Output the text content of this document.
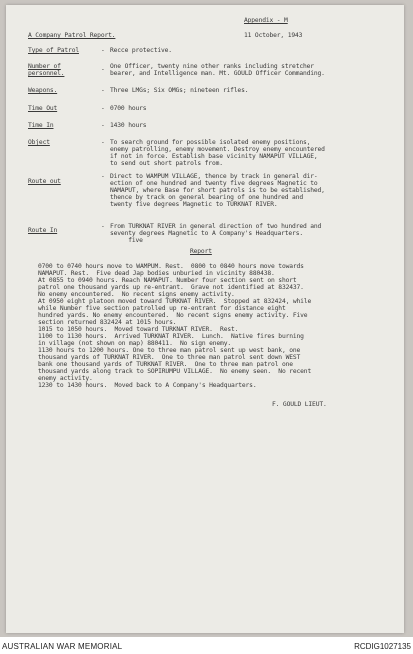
Appendix - M
11 October, 1943
A Company Patrol Report.
Type of Patrol	- Recce protective.
Number of
personnel.
- One Officer, twenty nine other ranks including stretcher
bearer, and Intelligence man. Mt. GOULD Officer Commanding.
Weapons.	- Three LMGs; Six OMGs; nineteen rifles.
Time Out	- 0700 hours
Time In	- 1430 hours
Object	- To search ground for possible isolated enemy positions,
enemy patrolling, enemy movement. Destroy enemy encountered
if not in force. Establish base vicinity NAMAPUT VILLAGE,
to send out short patrols from.
Route out
- Direct to WAMPUM VILLAGE, thence by track in general dir-
ection of one hundred and twenty five degrees Magnetic to
NAMAPUT, where Base for short patrols is to be established,
thence by track on general bearing of one hundred and
twenty five degrees Magnetic to TURKNAT RIVER.
Route In
- From TURKNAT RIVER in general direction of two hundred and
seventy degrees Magnetic to A Company's Headquarters.
five
Report
0700 to 0740 hours move to WAMPUM. Rest.  0800 to 0840 hours move towards
NAMAPUT. Rest.  Five dead Jap bodies unburied in vicinity 880438.
At 0855 to 0940 hours. Reach NAMAPUT. Number four section sent on short
patrol one thousand yards up re-entrant.  Grave not identified at 832437.
No enemy encountered.  No recent signs enemy activity.
At 0950 eight platoon moved toward TURKNAT RIVER.  Stopped at 832424, while
while Number five section patrolled up re-entrant for distance eight
hundred yards. No enemy encountered.  No recent signs enemy activity. Five
section returned 832424 at 1015 hours.
1015 to 1050 hours.  Moved toward TURKNAT RIVER.  Rest.
1100 to 1130 hours.  Arrived TURKNAT RIVER.  Lunch.  Native fires burning
in village (not shown on map) 880411.  No sign enemy.
1130 hours to 1200 hours. One to three man patrol sent up west bank, one
thousand yards of TURKNAT RIVER.  One to three man patrol sent down WEST
bank one thousand yards of TURKNAT RIVER.  One to three man patrol one
thousand yards along track to SOPIRUMPU VILLAGE.  No enemy seen.  No recent
enemy activity.
1230 to 1430 hours.  Moved back to A Company's Headquarters.
F. GOULD LIEUT.
AUSTRALIAN WAR MEMORIAL	RCDIG1027135
